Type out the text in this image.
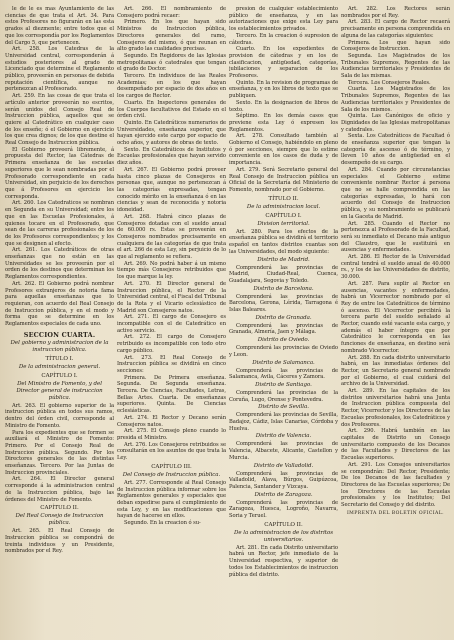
le de le es mas Ayuntamiento de las ciencias de que trata el Art. 34. Para estos Profesores no figurarán en las esta grados al diezmente; entre todos que el que los correspondía por los Reglamentos del Cargo 5, que pertenecen.

Art. 258. Los Catedras de la Universidad central, corresponderán á estudios posteriores al grado de Licenciado que determine el Reglamento público, proveerán en personas de debida reputación científica, aunque no pertenezcan al Profesorado.

Art. 259. En las cosas de que trata el artículo anterior proveerán no escritos, serán unidos del Consejo Real de Instruccion pública, aquellos que se quiere al Catedrático en cualquier caso de los enseñe; ó el Gobierno en ejercicio los que crea dignos; de los que destine el Real Consejo de Instruccion pública.

El Gobierno proveerá libremente, á propuesta del Rector, las Cátedras de Primera enseñanza de las escuelas superiores que le sean nombradas por el Profesorado correspondiente en cada Universidad, sin perjuicio de los derechos que á Profesores en ejercicio les corresponda.

Art. 260. Los Catedraticos se nombran en Segunda en su Universidad; entre los que en las Escuelas Profesionales, á quienes tocare en el Profesorado, que sean de las carreras profesionales de los de los Profesores correspondientes; y los que se designen al efecto.

Art. 261. Los Catedráticos de otras enseñanzas que no están en las Universidades se les proveerán por el orden de los destinos que determinan los Reglamentos correspondientes.

Art. 262. El Gobierno podrá nombrar Profesores extranjeros de notoria fama para aquellas enseñanzas que lo requieran, con acuerdo del Real Consejo de Instruccion pública, y en el modo y forma que se determine en los Reglamentos especiales de cada uno.

SECCION CUARTA.

Del gobierno y administracion de la instruccion pública.

TÍTULO I.

De la administracion general.

CAPÍTULO I.

Del Ministro de Fomento, y del Director general de instruccion pública.

Art. 263. El gobierno superior de la instruccion pública en todos sus ramos, dentro del órden civil, corresponde al Ministro de Fomento.

Para los expedientes que se formen se auxiliará el Ministro de Fomento: Primero. Por el Consejo Real de Instruccion pública. Segundo. Por los Directores generales de las distintas enseñanzas. Tercero. Por las Juntas de Instruccion provinciales.

Art. 264. El Director general corresponde á la administracion central de la Instruccion pública, bajo las órdenes del Ministro de Fomento.

CAPÍTULO II.

Del Real Consejo de Instruccion pública.

Art. 265. El Real Consejo de Instruccion pública se compondrá de treinta individuos y un Presidente, nombrados por el Rey.

Art. 266. El nombramiento de Consejero podrá recaer:

Primero. En los que hayan sido Ministros de Instruccion pública, Directores generales del ramo, Consejeros del mismo, ó que reunan en alto grado las cualidades precisas.

Segundo. En Regidores de las Iglesias metropolitanas ó catedrales que tengan el grado de Doctor.

Tercero. En individuos de las Reales Academias; en los que hayan desempeñado por espacio de dos años en los cargos de Rector.

Cuarto. En Inspectores generales de los Cuerpos facultativos del Estado en el órden civil.

Quinto. En Catedráticos numerarios de Universidades, enseñanza superior, que hayan ejercido este cargo por espacio de ocho años, y autores de obras de texto.

Sexto. En Catedráticos de Institutos y Escuelas profesionales que hayan servido diez años.

Art. 267. El Gobierno podrá proveer hasta cinco plazas de Consejeros en personas que, aunque no pertenezcan á las categorías expresadas, tengan conocido mérito en la enseñanza ó en las ciencias y sean de reconocida y notoria idoneidad.

Art. 268. Habrá cinco plazas de Consejeros dotadas con el sueldo anual de 60.000 rs. Estas se proveerán en Consejeros nombrados precisamente en cualquiera de las categorías de que trata el art. 266 de esta Ley, sin perjuicio de lo que al reglamento se refiera.

Art. 269. No podrá haber á un mismo tiempo más Consejeros retribuidos que los que marque la ley.

Art. 270. El Director general de Instruccion pública, el Rector de la Universidad central, el Fiscal del Tribunal de la Rota y el Vicario eclesiástico de Madrid son Consejeros natos.

Art. 271. El cargo de Consejero es incompatible con el de Catedrático en activo servicio.

Art. 272. El cargo de Consejero retribuido es incompatible con todo otro cargo público.

Art. 273. El Real Consejo de Instruccion pública se dividirá en cinco secciones:

Primera. De Primera enseñanza. Segunda. De Segunda enseñanza. Tercera. De Ciencias, Facultades, Letras, Bellas Artes. Cuarta. De enseñanzas superiores. Quinta. De Ciencias eclesiásticas.

Art. 274. El Rector y Decano serán Consejeros natos.

Art. 275. El Consejo pleno cuando lo presida el Ministro.

Art. 276. Los Consejeros retribuidos se consultarán en los asuntos de que trata la Ley.

CAPÍTULO III.

Del Consejo de Instruccion pública.

Art. 277. Corresponde al Real Consejo de Instruccion pública informar sobre los Reglamentos generales y especiales que deban expedirse para el cumplimiento de esta Ley, y en las modificaciones que hayan de hacerse en ellos.

Segundo. En la creacion ó su-

presion de cualquier establecimiento público de enseñanza, y en las autorizaciones que exige esta Ley para los establecimientos privados.

Tercero. En la creacion ó supresion de cátedras.

Cuarto. En los expedientes de provision de cátedras y en los de clasificacion, antigüedad, categorías, jubilaciones y separacion de los Profesores.

Quinto. En la revision de programas de enseñanza, y en los libros de texto que se publiquen.

Sexto. En la designacion de libros de texto.

Séptimo. En los demás casos que previene esta Ley ó expresen los Reglamentos.

Art. 278. Consultado también al Gobierno el Consejo, habiéndolo en pleno ó por secciones, siempre que lo estime conveniente en los casos de duda y de importancia.

Art. 279. Será Secretario general del Real Consejo de Instruccion pública un Oficial de la Secretaría del Ministerio de Fomento, nombrado por el Gobierno.

TÍTULO II.

De la administracion local.

CAPÍTULO I.

Division territorial.

Art. 280. Para los efectos de la enseñanza pública se dividirá el territorio español en tantos distritos cuantas son las Universidades, del modo siguiente:

Distrito de Madrid.

Comprenderá las provincias de Madrid, Ciudad-Real, Cuenca, Guadalajara, Segovia y Toledo.

Distrito de Barcelona.

Comprenderá las provincias de Barcelona, Gerona, Lérida, Tarragona é Islas Baleares.

Distrito de Granada.

Comprenderá las provincias de Granada, Almería, Jaen y Málaga.

Distrito de Oviedo.

Comprenderá las provincias de Oviedo y Leon.

Distrito de Salamanca.

Comprenderá las provincias de Salamanca, Avila, Cáceres y Zamora.

Distrito de Santiago.

Comprenderá las provincias de la Coruña, Lugo, Orense y Pontevedra.

Distrito de Sevilla.

Comprenderá las provincias de Sevilla, Badajoz, Cádiz, Islas Canarias, Córdoba y Huelva.

Distrito de Valencia.

Comprenderá las provincias de Valencia, Albacete, Alicante, Castellon y Murcia.

Distrito de Valladolid.

Comprenderá las provincias de Valladolid, Alava, Búrgos, Guipúzcoa, Palencia, Santander y Vizcaya.

Distrito de Zaragoza.

Comprenderá las provincias de Zaragoza, Huesca, Logroño, Navarra, Soria y Teruel.

CAPÍTULO II.

De la administracion de los distritos universitarios.

Art. 281. En cada Distrito universitario habrá un Rector, jefe inmediato de la Universidad respectiva, y superior de todos los Establecimientos de instruccion pública del distrito.

Art. 282. Los Rectores serán nombrados por el Rey.

Art. 283. El cargo de Rector recaerá precisamente en persona comprendida en alguna de las categorías siguientes:

Primera. Los que hayan sido Consejeros de Instruccion.

Segunda. Los Magistrados de los Tribunales Supremos, Regentes de las Audiencias territoriales y Presidentes de Sala de las mismas.

Tercera. Los Consejeros Reales.

Cuarta. Los Magistrados de los Tribunales Supremos, Regentes de las Audiencias territoriales y Presidentes de Sala de los mismos.

Quinta. Las Canónigos de oficio y Dignidades de las Iglesias metropolitanas y catedrales.

Sexta. Los Catedráticos de Facultad ó de enseñanza superior que tengan la categoría de ascenso ó de término, y lleven 10 años de antigüedad en el desempeño de su cargo.

Art. 284. Cuando por circunstancias especiales el Gobierno estime conveniente nombrar Rector á persona que no se halle comprendida en las categorías expresadas, lo hará con acuerdo del Consejo de Instruccion pública, y su nombramiento se publicará en la Gaceta de Madrid.

Art. 285. Cuando el Rector no pertenezca al Profesorado de la Facultad, será su inmediato el Decano más antiguo del Claustro, que le sustituirá en ausencias y enfermedades.

Art. 286. El Rector de la Universidad central tendrá el sueldo anual de 40.000 rs., y los de las Universidades de distrito, 30.000.

Art. 287. Para suplir al Rector en ausencias, vacantes y enfermedades, habrá un Vicerrector nombrado por el Rey de entre los Catedráticos de término ó ascenso. El Vicerrector percibirá la tercera parte del sueldo señalado al Rector, cuando esté vacante esta cargo, y además el haber íntegro que por Catedrático le corresponda en las funciones de enseñanza, en destino será nombrado Vicerrector.

Art. 288. En cada distrito universitario habrá, en las inmediatas órdenes del Rector, un Secretario general nombrado por el Gobierno, el cual cuidará del archivo de la Universidad.

Art. 289. En las capitales de los distritos universitarios habrá una Junta de Instruccion pública compuesta del Rector, Vicerrector y los Directores de las Escuelas profesionales, los Catedráticos y dos Profesores.

Art. 290. Habrá también en las capitales de Distrito un Consejo universitario compuesto de los Decanos de las Facultades y Directores de las Escuelas superiores.

Art. 291. Los Consejos universitarios se compondrán: Del Rector, Presidente; De los Decanos de las facultades y Directores de las Escuelas superiores; De los Directores de las Escuelas profesionales y los Institutos; Del Secretario del Consejo y del distrito.

IMPRENTA DEL BOLETIN OFICIAL.
